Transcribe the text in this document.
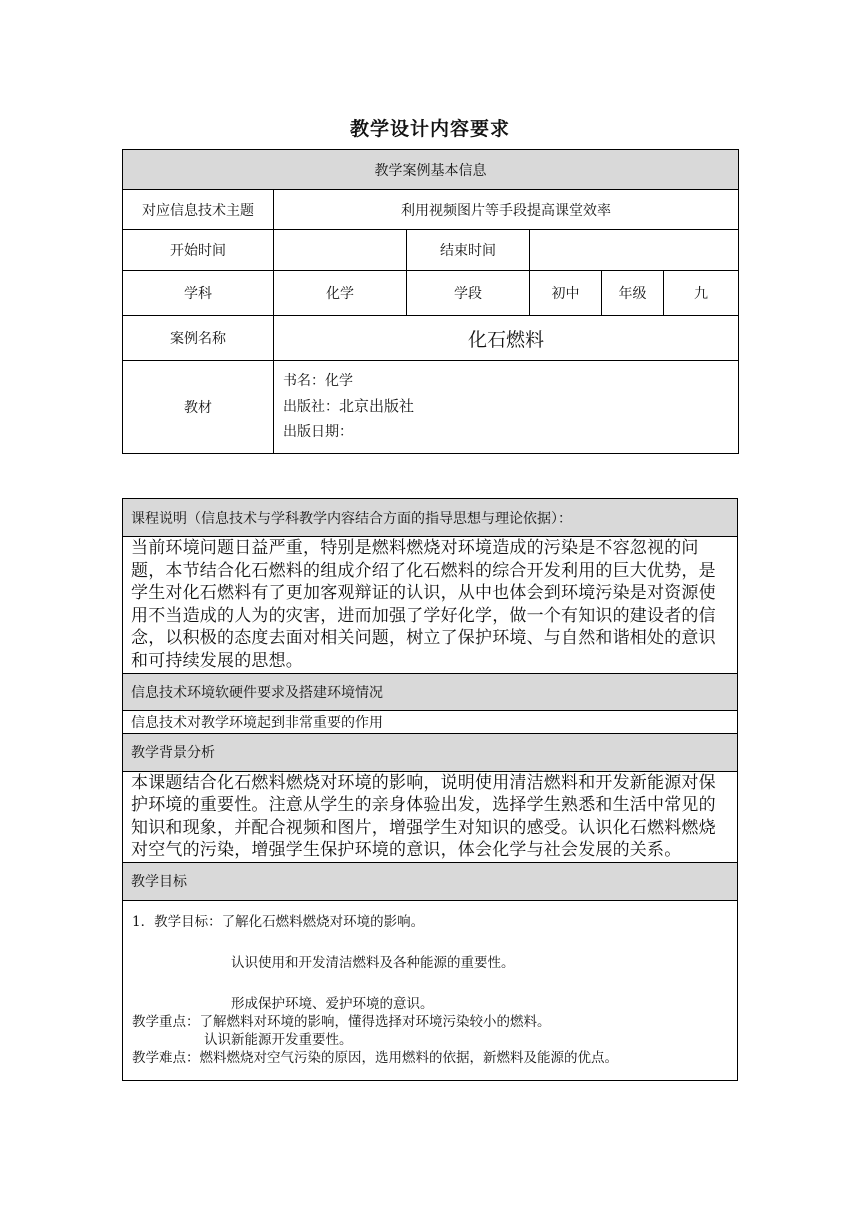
教学设计内容要求
教学案例基本信息					
对应信息技术主题	利用视频图片等手段提高课堂效率				
开始时间		结束时间			
学科	化学	学段	初中	年级	九
案例名称	化石燃料				
教材	书名：化学
出版社：北京出版社
出版日期：				
课程说明（信息技术与学科教学内容结合方面的指导思想与理论依据）：
当前环境问题日益严重，特别是燃料燃烧对环境造成的污染是不容忽视的问题，本节结合化石燃料的组成介绍了化石燃料的综合开发利用的巨大优势，是学生对化石燃料有了更加客观辩证的认识，从中也体会到环境污染是对资源使用不当造成的人为的灾害，进而加强了学好化学，做一个有知识的建设者的信念，以积极的态度去面对相关问题，树立了保护环境、与自然和谐相处的意识和可持续发展的思想。
信息技术环境软硬件要求及搭建环境情况
信息技术对教学环境起到非常重要的作用
教学背景分析
本课题结合化石燃料燃烧对环境的影响，说明使用清洁燃料和开发新能源对保护环境的重要性。注意从学生的亲身体验出发，选择学生熟悉和生活中常见的知识和现象，并配合视频和图片，增强学生对知识的感受。认识化石燃料燃烧对空气的污染，增强学生保护环境的意识，体会化学与社会发展的关系。
教学目标

1．教学目标：了解化石燃料燃烧对环境的影响。
认识使用和开发清洁燃料及各种能源的重要性。
形成保护环境、爱护环境的意识。
教学重点：了解燃料对环境的影响，懂得选择对环境污染较小的燃料。
认识新能源开发重要性。
教学难点：燃料燃烧对空气污染的原因，选用燃料的依据，新燃料及能源的优点。
